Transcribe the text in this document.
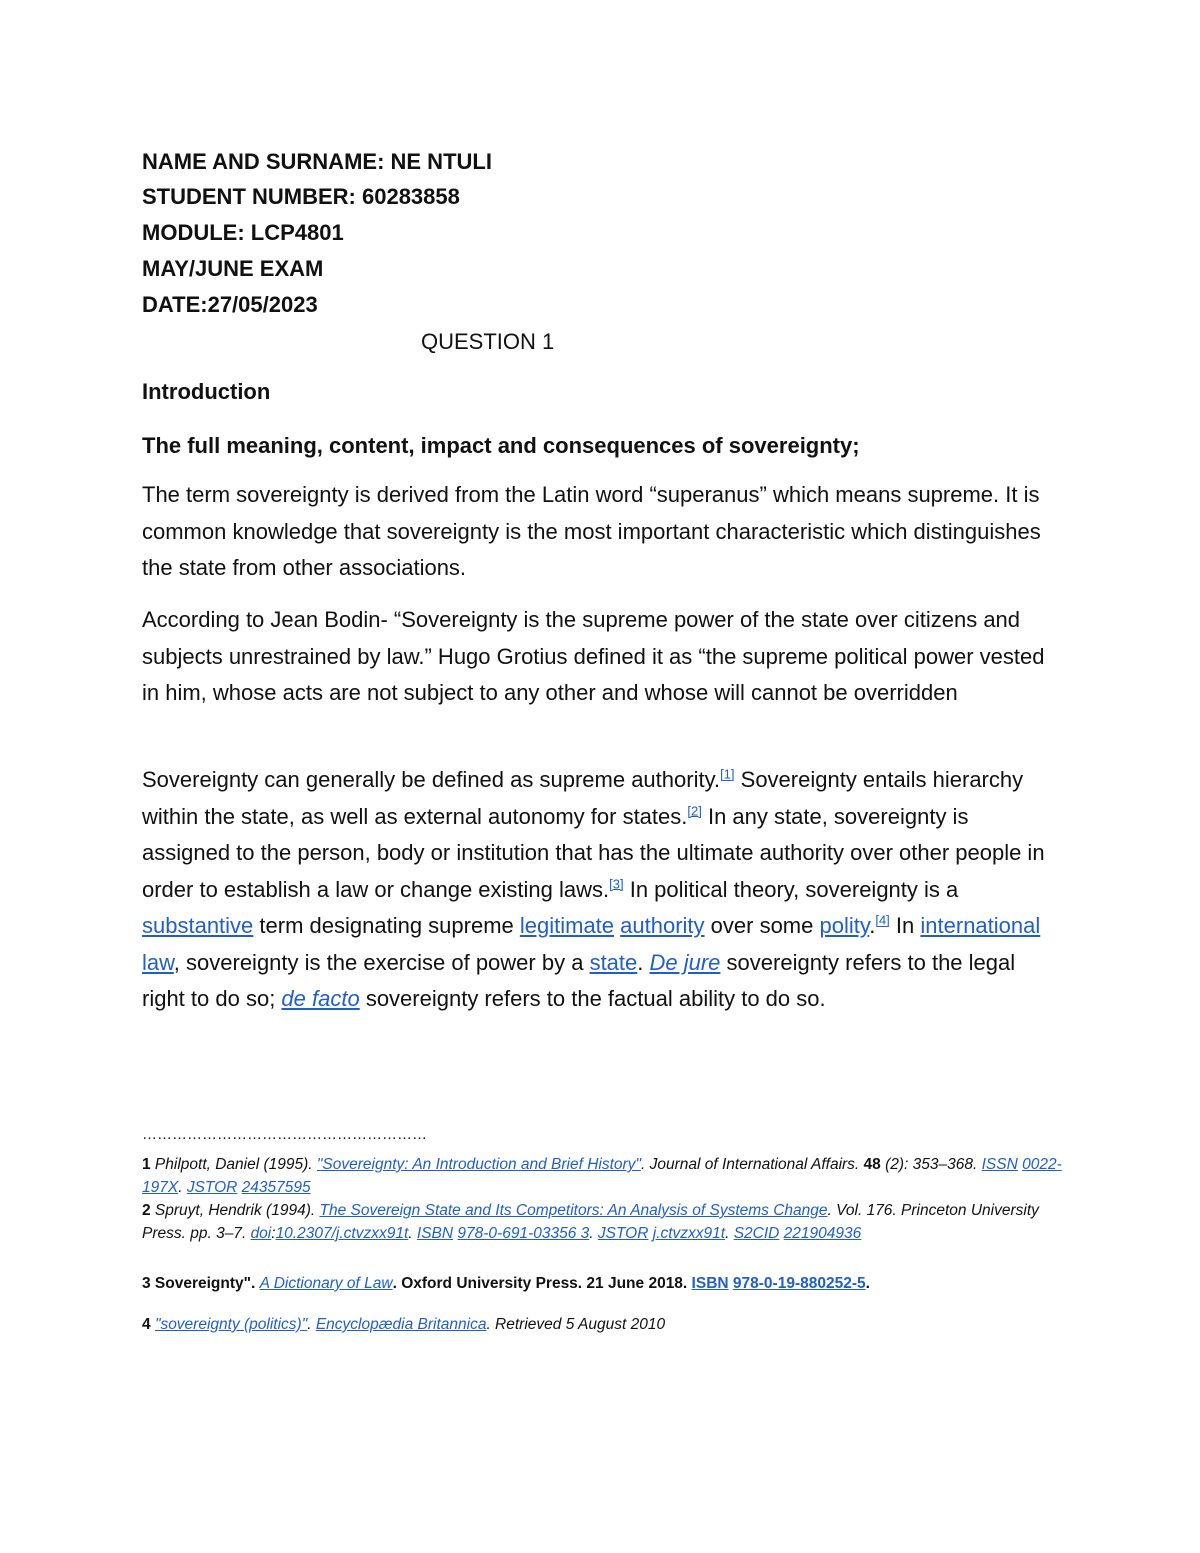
NAME AND SURNAME: NE NTULI
STUDENT NUMBER: 60283858
MODULE: LCP4801
MAY/JUNE EXAM
DATE:27/05/2023
QUESTION 1
Introduction
The full meaning, content, impact and consequences of sovereignty;

The term sovereignty is derived from the Latin word “superanus” which means supreme. It is common knowledge that sovereignty is the most important characteristic which distinguishes the state from other associations.

According to Jean Bodin- “Sovereignty is the supreme power of the state over citizens and subjects unrestrained by law.” Hugo Grotius defined it as “the supreme political power vested in him, whose acts are not subject to any other and whose will cannot be overridden

Sovereignty can generally be defined as supreme authority.[1] Sovereignty entails hierarchy within the state, as well as external autonomy for states.[2] In any state, sovereignty is assigned to the person, body or institution that has the ultimate authority over other people in order to establish a law or change existing laws.[3] In political theory, sovereignty is a substantive term designating supreme legitimate authority over some polity.[4] In international law, sovereignty is the exercise of power by a state. De jure sovereignty refers to the legal right to do so; de facto sovereignty refers to the factual ability to do so.

…………………………………………………

1 Philpott, Daniel (1995). "Sovereignty: An Introduction and Brief History". Journal of International Affairs. 48 (2): 353–368. ISSN 0022-197X. JSTOR 24357595

2 Spruyt, Hendrik (1994). The Sovereign State and Its Competitors: An Analysis of Systems Change. Vol. 176. Princeton University Press. pp. 3–7. doi:10.2307/j.ctvzxx91t. ISBN 978-0-691-03356 3. JSTOR j.ctvzxx91t. S2CID 221904936

3 Sovereignty". A Dictionary of Law. Oxford University Press. 21 June 2018. ISBN 978-0-19-880252-5.

4 "sovereignty (politics)". Encyclopædia Britannica. Retrieved 5 August 2010
